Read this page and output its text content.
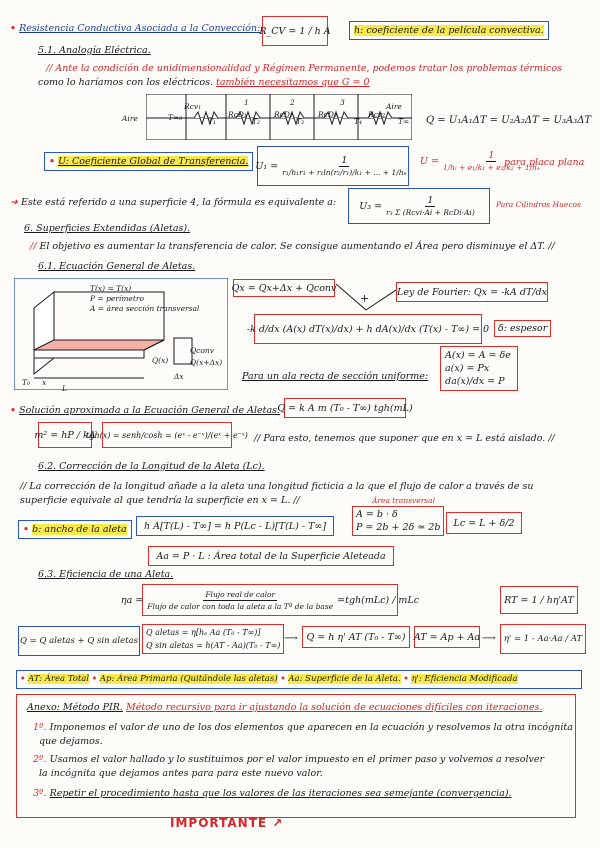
• Resistencia Conductiva Asociada a la Convección: R_CV = 1 / h A	h: coeficiente de la película convectiva.
5.1. Analogía Eléctrica.
// Ante la condición de unidimensionalidad y Régimen Permanente, podemos tratar los problemas térmicos
como lo haríamos con los eléctricos. también necesitamos que G = 0
Aire
Aire
T∞₀	T₁	T₂	T₃	T₄	T∞
Rcv₁
RcD₁	RcD₂	RcD₃	Rcv₂
1	2	3
Q = U₁A₁ΔT = U₂A₂ΔT = U₃A₃ΔT
• U: Coeficiente Global de Transferencia. $U_1 = \frac{1}{\text{r₁/h₁r₁ + r₁ln(r₂/r₁)/k₁ + ... + 1/hₑ}}$ $U = \frac{1}{\text{1/hᵢ + e₁/k₁ + e₂/k₂ + 1/hₑ}}$
para placa plana
➜ Este está referido a una superficie 4, la fórmula es equivalente a: $U_3 = \frac{1}{\text{r₃ Σ (Rcvi·Ai + RcDi·Ai)}}$	Para Cilindros Huecos
6. Superficies Extendidas (Aletas).
// El objetivo es aumentar la transferencia de calor. Se consigue aumentando el Área pero disminuye el ΔT. //
6.1. Ecuación General de Aletas.
T(x) = T(x)
P = perímetro
A = área sección transversal
T₀ x
L
Δx
Q(x)	Q(x+Δx)
Qconv
Qx = Qx+Δx + Qconv	Ley de Fourier: Qx = -kA dT/dx
+
-k d/dx (A(x) dT(x)/dx) + h dA(x)/dx (T(x) - T∞) = 0 δ: espesor
Para un ala recta de sección uniforme:
A(x) = A = δe
a(x) = Px
da(x)/dx = P
• Solución aproximada a la Ecuación General de Aletas:
Q = k A m (T₀ - T∞) tgh(mL)
m² = hP / kA
tgh(x) = senh/cosh = (eˣ - e⁻ˣ)/(eˣ + e⁻ˣ) // Para esto, tenemos que suponer que en x = L está aislado. //
6.2. Corrección de la Longitud de la Aleta (Lc).
// La corrección de la longitud añade a la aleta una longitud ficticia a la que el flujo de calor a través de su
superficie equivale al que tendría la superficie en x = L. //	Área transversal
• b: ancho de la aleta	h A[T(L) - T∞] = h P(Lc - L)[T(L) - T∞]
A = b · δ
P = 2b + 2δ ≃ 2b	Lc = L + δ/2
Aa = P · L : Área total de la Superficie Aleteada
6.3. Eficiencia de una Aleta.
$\eta a = \frac{\text{Flujo real de calor}}{\text{Flujo de calor con toda la aleta a la Tª de la base}} = tgh(mLc)$ / mLc	RT = 1 / hη'AT
Q = Q aletas + Q sin aletas
Q aletas = η[hₑ Aa (T₀ - T∞)]
Q sin aletas = h(AT - Aa)(T₀ - T∞)
⟶ Q = h η' AT (T₀ - T∞) AT = Ap + Aa ⟶ η' = 1 - Aa·Aa / AT
• AT: Área Total • Ap: Área Primaria (Quitándole las aletas) • Aa: Superficie de la Aleta. • η': Eficiencia Modificada
Anexo: Método PIR. Método recursivo para ir ajustando la solución de ecuaciones difíciles con iteraciones.
1º. Imponemos el valor de uno de los dos elementos que aparecen en la ecuación y resolvemos la otra incógnita
que dejamos.
2º. Usamos el valor hallado y lo sustituimos por el valor impuesto en el primer paso y volvemos a resolver
la incógnita que dejamos antes para para este nuevo valor.
3º. Repetir el procedimiento hasta que los valores de las iteraciones sea semejante (convergencia).
IMPORTANTE ↗
